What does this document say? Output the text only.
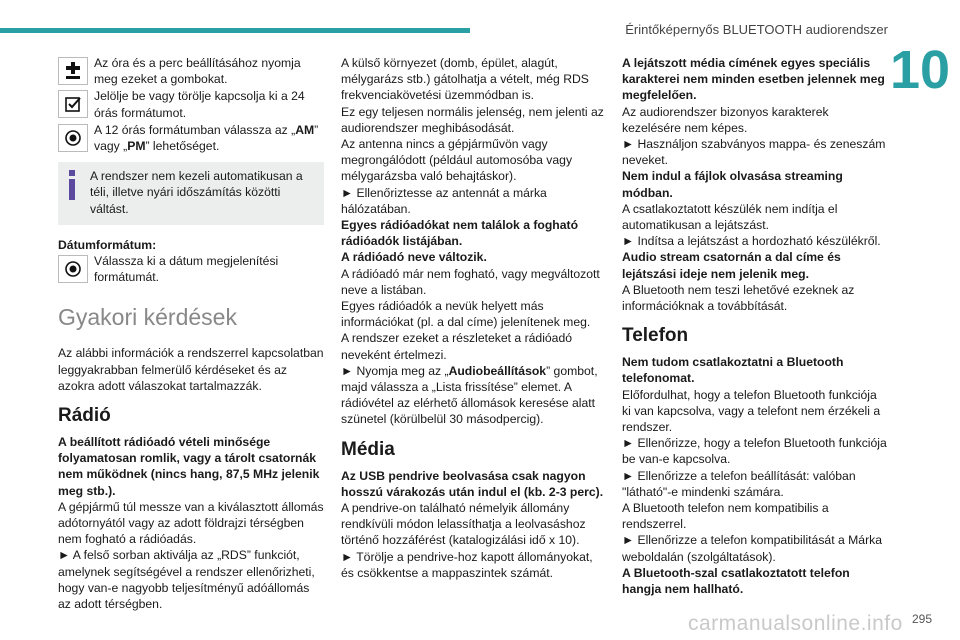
Érintőképernyős BLUETOOTH audiorendszer
10

Az óra és a perc beállításához nyomja meg ezeket a gombokat.

Jelölje be vagy törölje kapcsolja ki a 24 órás formátumot.

A 12 órás formátumban válassza az „AM” vagy „PM” lehetőséget.

A rendszer nem kezeli automatikusan a téli, illetve nyári időszámítás közötti váltást.

Dátumformátum:

Válassza ki a dátum megjelenítési formátumát.

Gyakori kérdések

Az alábbi információk a rendszerrel kapcsolatban leggyakrabban felmerülő kérdéseket és az azokra adott válaszokat tartalmazzák.

Rádió

A beállított rádióadó vételi minősége folyamatosan romlik, vagy a tárolt csatornák nem működnek (nincs hang, 87,5 MHz jelenik meg stb.).

A gépjármű túl messze van a kiválasztott állomás adótornyától vagy az adott földrajzi térségben nem fogható a rádióadás.

► A felső sorban aktiválja az „RDS” funkciót, amelynek segítségével a rendszer ellenőrizheti, hogy van-e nagyobb teljesítményű adóállomás az adott térségben.

A külső környezet (domb, épület, alagút, mélygarázs stb.) gátolhatja a vételt, még RDS frekvenciakövetési üzemmódban is.

Ez egy teljesen normális jelenség, nem jelenti az audiorendszer meghibásodását.

Az antenna nincs a gépjárművön vagy megrongálódott (például automosóba vagy mélygarázsba való behajtáskor).

► Ellenőriztesse az antennát a márka hálózatában.

Egyes rádióadókat nem találok a fogható rádióadók listájában.

A rádióadó neve változik.

A rádióadó már nem fogható, vagy megváltozott neve a listában.

Egyes rádióadók a nevük helyett más információkat (pl. a dal címe) jelenítenek meg.

A rendszer ezeket a részleteket a rádióadó neveként értelmezi.

► Nyomja meg az „Audiobeállítások” gombot, majd válassza a „Lista frissítése” elemet. A rádióvétel az elérhető állomások keresése alatt szünetel (körülbelül 30 másodpercig).

Média

Az USB pendrive beolvasása csak nagyon hosszú várakozás után indul el (kb. 2-3 perc).

A pendrive-on található némelyik állomány rendkívüli módon lelassíthatja a leolvasáshoz történő hozzáférést (katalogizálási idő x 10).

► Törölje a pendrive-hoz kapott állományokat, és csökkentse a mappaszintek számát.

A lejátszott média címének egyes speciális karakterei nem minden esetben jelennek meg megfelelően.

Az audiorendszer bizonyos karakterek kezelésére nem képes.

► Használjon szabványos mappa- és zeneszám neveket.

Nem indul a fájlok olvasása streaming módban.

A csatlakoztatott készülék nem indítja el automatikusan a lejátszást.

► Indítsa a lejátszást a hordozható készülékről.

Audio stream csatornán a dal címe és lejátszási ideje nem jelenik meg.

A Bluetooth nem teszi lehetővé ezeknek az információknak a továbbítását.

Telefon

Nem tudom csatlakoztatni a Bluetooth telefonomat.

Előfordulhat, hogy a telefon Bluetooth funkciója ki van kapcsolva, vagy a telefont nem érzékeli a rendszer.

► Ellenőrizze, hogy a telefon Bluetooth funkciója be van-e kapcsolva.

► Ellenőrizze a telefon beállítását: valóban "látható"-e mindenki számára.

A Bluetooth telefon nem kompatibilis a rendszerrel.

► Ellenőrizze a telefon kompatibilitását a Márka weboldalán (szolgáltatások).

A Bluetooth-szal csatlakoztatott telefon hangja nem hallható.

carmanualsonline.info 295
